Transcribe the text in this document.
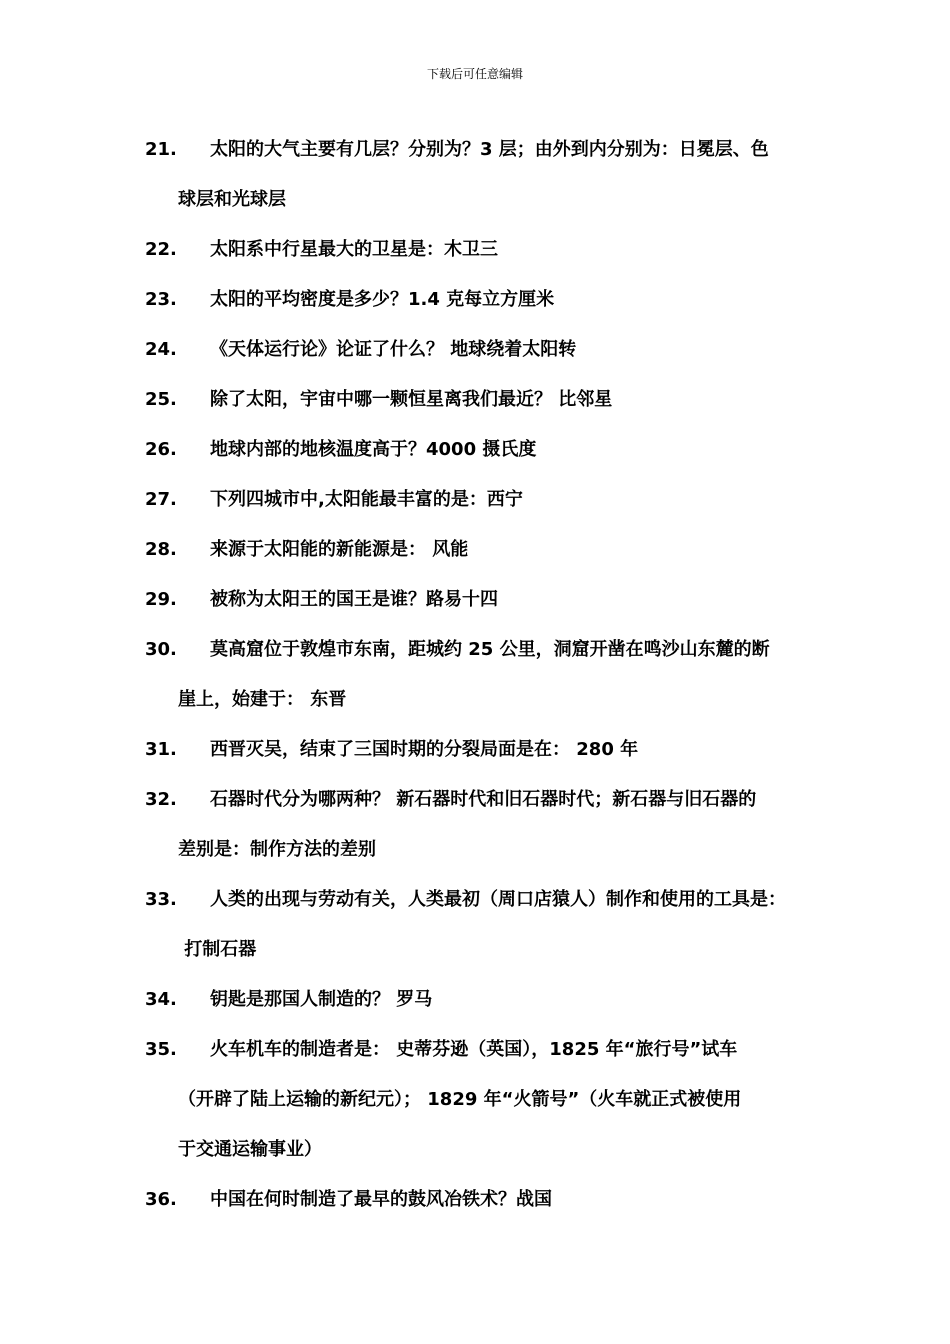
下载后可任意编辑
21. 太阳的大气主要有几层？分别为？3 层；由外到内分别为：日冕层、色
球层和光球层
22. 太阳系中行星最大的卫星是：木卫三
23. 太阳的平均密度是多少？1.4 克每立方厘米
24. 《天体运行论》论证了什么？ 地球绕着太阳转
25. 除了太阳，宇宙中哪一颗恒星离我们最近？ 比邻星
26. 地球内部的地核温度高于？4000 摄氏度
27. 下列四城市中,太阳能最丰富的是：西宁
28. 来源于太阳能的新能源是： 风能
29. 被称为太阳王的国王是谁？路易十四
30. 莫高窟位于敦煌市东南，距城约 25 公里，洞窟开凿在鸣沙山东麓的断
崖上，始建于： 东晋
31. 西晋灭吴，结束了三国时期的分裂局面是在： 280 年
32. 石器时代分为哪两种？ 新石器时代和旧石器时代；新石器与旧石器的
差别是：制作方法的差别
33. 人类的出现与劳动有关，人类最初（周口店猿人）制作和使用的工具是：
打制石器
34. 钥匙是那国人制造的？ 罗马
35. 火车机车的制造者是： 史蒂芬逊（英国），1825 年“旅行号”试车
（开辟了陆上运输的新纪元）； 1829 年“火箭号”（火车就正式被使用
于交通运输事业）
36. 中国在何时制造了最早的鼓风冶铁术？战国
